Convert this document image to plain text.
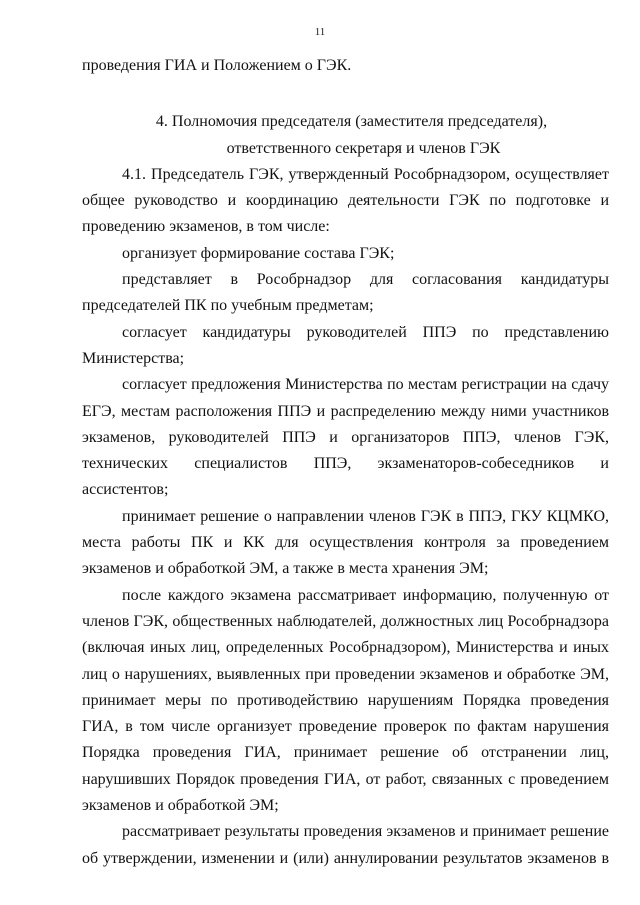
11

проведения ГИА и Положением о ГЭК.

4. Полномочия председателя (заместителя председателя),

ответственного секретаря и членов ГЭК

4.1. Председатель ГЭК, утвержденный Рособрнадзором, осуществляет общее руководство и координацию деятельности ГЭК по подготовке и проведению экзаменов, в том числе:

организует формирование состава ГЭК;

представляет в Рособрнадзор для согласования кандидатуры председателей ПК по учебным предметам;

согласует кандидатуры руководителей ППЭ по представлению Министерства;

согласует предложения Министерства по местам регистрации на сдачу ЕГЭ, местам расположения ППЭ и распределению между ними участников экзаменов, руководителей ППЭ и организаторов ППЭ, членов ГЭК, технических специалистов ППЭ, экзаменаторов-собеседников и ассистентов;

принимает решение о направлении членов ГЭК в ППЭ, ГКУ КЦМКО, места работы ПК и КК для осуществления контроля за проведением экзаменов и обработкой ЭМ, а также в места хранения ЭМ;

после каждого экзамена рассматривает информацию, полученную от членов ГЭК, общественных наблюдателей, должностных лиц Рособрнадзора (включая иных лиц, определенных Рособрнадзором), Министерства и иных лиц о нарушениях, выявленных при проведении экзаменов и обработке ЭМ, принимает меры по противодействию нарушениям Порядка проведения ГИА, в том числе организует проведение проверок по фактам нарушения Порядка проведения ГИА, принимает решение об отстранении лиц, нарушивших Порядок проведения ГИА, от работ, связанных с проведением экзаменов и обработкой ЭМ;

рассматривает результаты проведения экзаменов и принимает решение об утверждении, изменении и (или) аннулировании результатов экзаменов в
